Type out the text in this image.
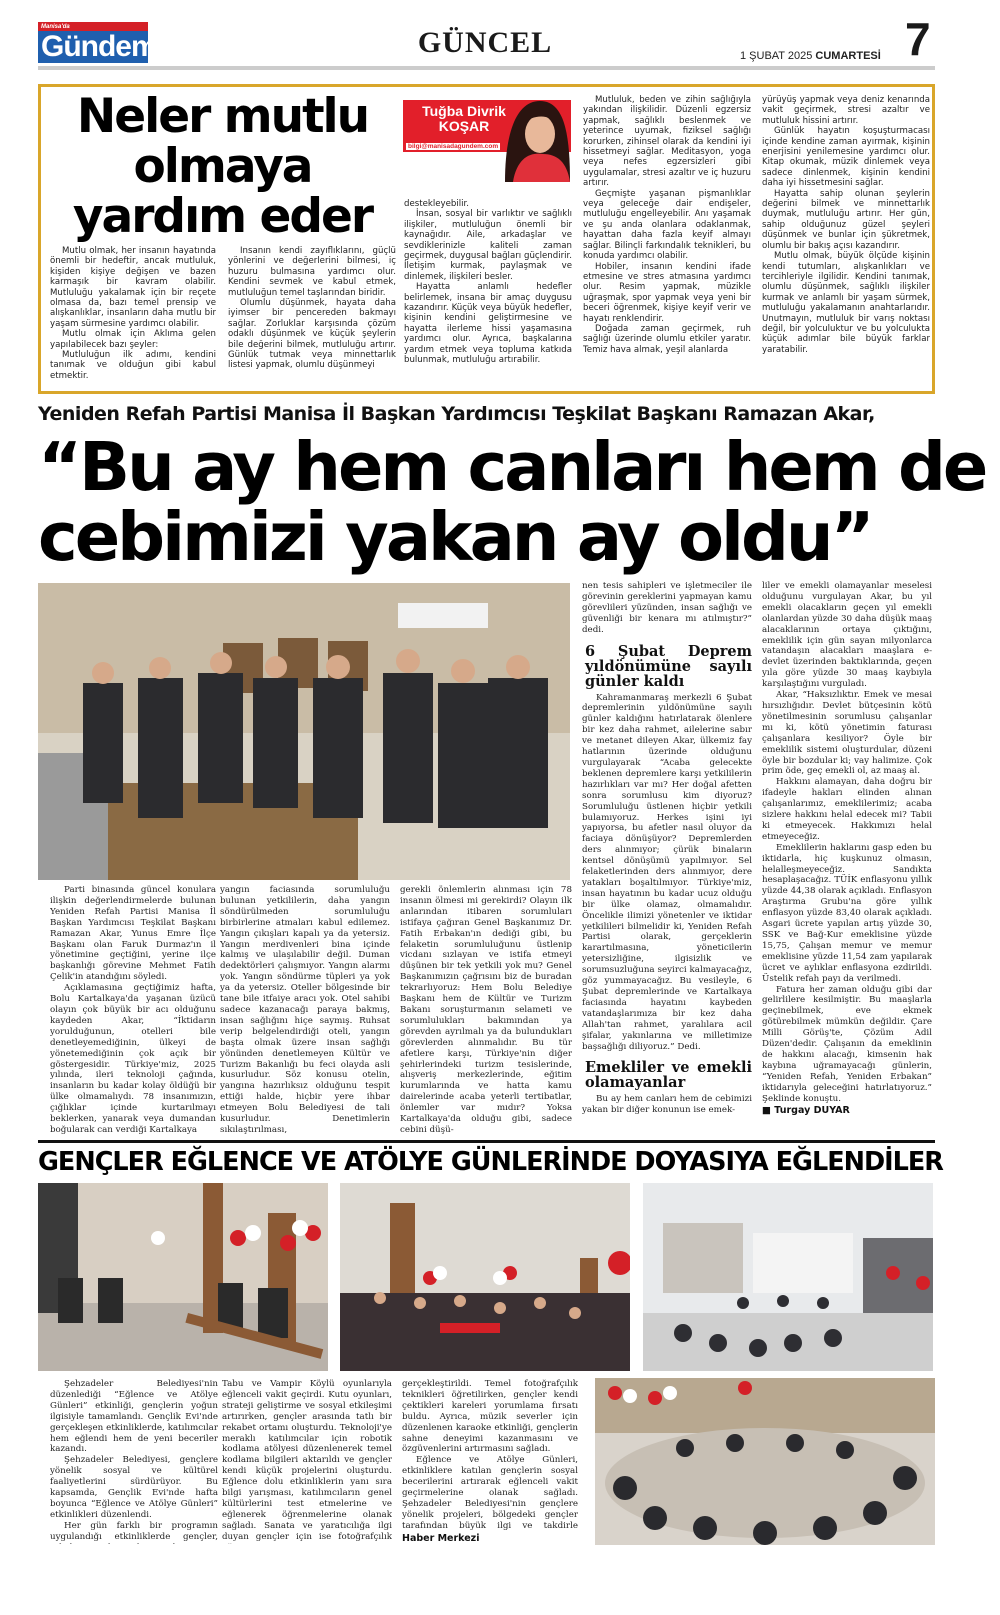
Manisa'da
Gündem	GÜNCEL	1 ŞUBAT 2025 CUMARTESİ 7
Neler mutlu olmaya yardım eder
Tuğba Divrik KOŞAR
bilgi@manisadagundem.com

Mutlu olmak, her insanın hayatında önemli bir hedeftir, ancak mutluluk, kişiden kişiye değişen ve bazen karmaşık bir kavram olabilir. Mutluluğu yakalamak için bir reçete olmasa da, bazı temel prensip ve alışkanlıklar, insanların daha mutlu bir yaşam sürmesine yardımcı olabilir.

Mutlu olmak için Aklıma gelen yapılabilecek bazı şeyler:

Mutluluğun ilk adımı, kendini tanımak ve olduğun gibi kabul etmektir.

İnsanın kendi zayıflıklarını, güçlü yönlerini ve değerlerini bilmesi, iç huzuru bulmasına yardımcı olur. Kendini sevmek ve kabul etmek, mutluluğun temel taşlarından biridir.

Olumlu düşünmek, hayata daha iyimser bir pencereden bakmayı sağlar. Zorluklar karşısında çözüm odaklı düşünmek ve küçük şeylerin bile değerini bilmek, mutluluğu artırır. Günlük tutmak veya minnettarlık listesi yapmak, olumlu düşünmeyi

destekleyebilir.

İnsan, sosyal bir varlıktır ve sağlıklı ilişkiler, mutluluğun önemli bir kaynağıdır. Aile, arkadaşlar ve sevdiklerinizle kaliteli zaman geçirmek, duygusal bağları güçlendirir. İletişim kurmak, paylaşmak ve dinlemek, ilişkileri besler.

Hayatta anlamlı hedefler belirlemek, insana bir amaç duygusu kazandırır. Küçük veya büyük hedefler, kişinin kendini geliştirmesine ve hayatta ilerleme hissi yaşamasına yardımcı olur. Ayrıca, başkalarına yardım etmek veya topluma katkıda bulunmak, mutluluğu artırabilir.

Mutluluk, beden ve zihin sağlığıyla yakından ilişkilidir. Düzenli egzersiz yapmak, sağlıklı beslenmek ve yeterince uyumak, fiziksel sağlığı korurken, zihinsel olarak da kendini iyi hissetmeyi sağlar. Meditasyon, yoga veya nefes egzersizleri gibi uygulamalar, stresi azaltır ve iç huzuru artırır.

Geçmişte yaşanan pişmanlıklar veya geleceğe dair endişeler, mutluluğu engelleyebilir. Anı yaşamak ve şu anda olanlara odaklanmak, hayattan daha fazla keyif almayı sağlar. Bilinçli farkındalık teknikleri, bu konuda yardımcı olabilir.

Hobiler, insanın kendini ifade etmesine ve stres atmasına yardımcı olur. Resim yapmak, müzikle uğraşmak, spor yapmak veya yeni bir beceri öğrenmek, kişiye keyif verir ve hayatı renklendirir.

Doğada zaman geçirmek, ruh sağlığı üzerinde olumlu etkiler yaratır. Temiz hava almak, yeşil alanlarda

yürüyüş yapmak veya deniz kenarında vakit geçirmek, stresi azaltır ve mutluluk hissini artırır.

Günlük hayatın koşuşturmacası içinde kendine zaman ayırmak, kişinin enerjisini yenilemesine yardımcı olur. Kitap okumak, müzik dinlemek veya sadece dinlenmek, kişinin kendini daha iyi hissetmesini sağlar.

Hayatta sahip olunan şeylerin değerini bilmek ve minnettarlık duymak, mutluluğu artırır. Her gün, sahip olduğunuz güzel şeyleri düşünmek ve bunlar için şükretmek, olumlu bir bakış açısı kazandırır.

Mutlu olmak, büyük ölçüde kişinin kendi tutumları, alışkanlıkları ve tercihleriyle ilgilidir. Kendini tanımak, olumlu düşünmek, sağlıklı ilişkiler kurmak ve anlamlı bir yaşam sürmek, mutluluğu yakalamanın anahtarlarıdır. Unutmayın, mutluluk bir varış noktası değil, bir yolculuktur ve bu yolculukta küçük adımlar bile büyük farklar yaratabilir.

Yeniden Refah Partisi Manisa İl Başkan Yardımcısı Teşkilat Başkanı Ramazan Akar,
“Bu ay hem canları hem de
cebimizi yakan ay oldu”

Parti binasında güncel konulara ilişkin değerlendirmelerde bulunan Yeniden Refah Partisi Manisa İl Başkan Yardımcısı Teşkilat Başkanı Ramazan Akar, Yunus Emre İlçe Başkanı olan Faruk Durmaz'ın il yönetimine geçtiğini, yerine ilçe başkanlığı görevine Mehmet Fatih Çelik'in atandığını söyledi.

Açıklamasına geçtiğimiz hafta, Bolu Kartalkaya'da yaşanan üzücü olayın çok büyük bir acı olduğunu kaydeden Akar, “İktidarın yorulduğunun, otelleri bile denetleyemediğinin, ülkeyi de yönetemediğinin çok açık bir göstergesidir. Türkiye'miz, 2025 yılında, ileri teknoloji çağında, insanların bu kadar kolay öldüğü bir ülke olmamalıydı. 78 insanımızın, çığlıklar içinde kurtarılmayı beklerken, yanarak veya dumandan boğularak can verdiği Kartalkaya

yangın faciasında sorumluluğu bulunan yetkililerin, daha yangın söndürülmeden sorumluluğu birbirlerine atmaları kabul edilemez. Yangın çıkışları kapalı ya da yetersiz. Yangın merdivenleri bina içinde kalmış ve ulaşılabilir değil. Duman dedektörleri çalışmıyor. Yangın alarmı yok. Yangın söndürme tüpleri ya yok ya da yetersiz. Oteller bölgesinde bir tane bile itfaiye aracı yok. Otel sahibi sadece kazanacağı paraya bakmış, insan sağlığını hiçe saymış. Ruhsat verip belgelendirdiği oteli, yangın başta olmak üzere insan sağlığı yönünden denetlemeyen Kültür ve Turizm Bakanlığı bu feci olayda asli kusurludur. Söz konusu otelin, yangına hazırlıksız olduğunu tespit ettiği halde, hiçbir yere ihbar etmeyen Bolu Belediyesi de tali kusurludur. Denetimlerin sıkılaştırılması,

gerekli önlemlerin alınması için 78 insanın ölmesi mi gerekirdi? Olayın ilk anlarından itibaren sorumluları istifaya çağıran Genel Başkanımız Dr. Fatih Erbakan'ın dediği gibi, bu felaketin sorumluluğunu üstlenip vicdanı sızlayan ve istifa etmeyi düşünen bir tek yetkili yok mu? Genel Başkanımızın çağrısını biz de buradan tekrarlıyoruz: Hem Bolu Belediye Başkanı hem de Kültür ve Turizm Bakanı soruşturmanın selameti ve sorumlulukları bakımından ya görevden ayrılmalı ya da bulundukları görevlerden alınmalıdır. Bu tür afetlere karşı, Türkiye'nin diğer şehirlerindeki turizm tesislerinde, alışveriş merkezlerinde, eğitim kurumlarında ve hatta kamu dairelerinde acaba yeterli tertibatlar, önlemler var mıdır? Yoksa Kartalkaya'da olduğu gibi, sadece cebini düşü-

nen tesis sahipleri ve işletmeciler ile görevinin gereklerini yapmayan kamu görevlileri yüzünden, insan sağlığı ve güvenliği bir kenara mı atılmıştır?” dedi.

6 Şubat Deprem yıldönümüne sayılı günler kaldı

Kahramanmaraş merkezli 6 Şubat depremlerinin yıldönümüne sayılı günler kaldığını hatırlatarak ölenlere bir kez daha rahmet, ailelerine sabır ve metanet dileyen Akar, ülkemiz fay hatlarının üzerinde olduğunu vurgulayarak “Acaba gelecekte beklenen depremlere karşı yetkililerin hazırlıkları var mı? Her doğal afetten sonra sorumlusu kim diyoruz? Sorumluluğu üstlenen hiçbir yetkili bulamıyoruz. Herkes işini iyi yapıyorsa, bu afetler nasıl oluyor da faciaya dönüşüyor? Depremlerden ders alınmıyor; çürük binaların kentsel dönüşümü yapılmıyor. Sel felaketlerinden ders alınmıyor, dere yatakları boşaltılmıyor. Türkiye'miz, insan hayatının bu kadar ucuz olduğu bir ülke olamaz, olmamalıdır. Öncelikle ilimizi yönetenler ve iktidar yetkilileri bilmelidir ki, Yeniden Refah Partisi olarak, gerçeklerin karartılmasına, yöneticilerin yetersizliğine, ilgisizlik ve sorumsuzluğuna seyirci kalmayacağız, göz yummayacağız. Bu vesileyle, 6 Şubat depremlerinde ve Kartalkaya faciasında hayatını kaybeden vatandaşlarımıza bir kez daha Allah'tan rahmet, yaralılara acil şifalar, yakınlarına ve milletimize başsağlığı diliyoruz.” Dedi.

Emekliler ve emekli olamayanlar

Bu ay hem canları hem de cebimizi yakan bir diğer konunun ise emek-

liler ve emekli olamayanlar meselesi olduğunu vurgulayan Akar, bu yıl emekli olacakların geçen yıl emekli olanlardan yüzde 30 daha düşük maaş alacaklarının ortaya çıktığını, emeklilik için gün sayan milyonlarca vatandaşın alacakları maaşlara e-devlet üzerinden baktıklarında, geçen yıla göre yüzde 30 maaş kaybıyla karşılaştığını vurguladı.

Akar, “Haksızlıktır. Emek ve mesai hırsızlığıdır. Devlet bütçesinin kötü yönetilmesinin sorumlusu çalışanlar mı ki, kötü yönetimin faturası çalışanlara kesiliyor? Öyle bir emeklilik sistemi oluşturdular, düzeni öyle bir bozdular ki; vay halimize. Çok prim öde, geç emekli ol, az maaş al.

Hakkını alamayan, daha doğru bir ifadeyle hakları elinden alınan çalışanlarımız, emeklilerimiz; acaba sizlere hakkını helal edecek mi? Tabii ki etmeyecek. Hakkımızı helal etmeyeceğiz.

Emeklilerin haklarını gasp eden bu iktidarla, hiç kuşkunuz olmasın, helalleşmeyeceğiz. Sandıkta hesaplaşacağız. TÜİK enflasyonu yıllık yüzde 44,38 olarak açıkladı. Enflasyon Araştırma Grubu'na göre yıllık enflasyon yüzde 83,40 olarak açıkladı. Asgari ücrete yapılan artış yüzde 30, SSK ve Bağ-Kur emeklisine yüzde 15,75, Çalışan memur ve memur emeklisine yüzde 11,54 zam yapılarak ücret ve aylıklar enflasyona ezdirildi. Üstelik refah payı da verilmedi.

Fatura her zaman olduğu gibi dar gelirlilere kesilmiştir. Bu maaşlarla geçinebilmek, eve ekmek götürebilmek mümkün değildir. Çare Milli Görüş'te, Çözüm Adil Düzen'dedir. Çalışanın da emeklinin de hakkını alacağı, kimsenin hak kaybına uğramayacağı günlerin, “Yeniden Refah, Yeniden Erbakan” iktidarıyla geleceğini hatırlatıyoruz.” Şeklinde konuştu.

■ Turgay DUYAR
GENÇLER EĞLENCE VE ATÖLYE GÜNLERİNDE DOYASIYA EĞLENDİLER

Şehzadeler Belediyesi'nin düzenlediği “Eğlence ve Atölye Günleri” etkinliği, gençlerin yoğun ilgisiyle tamamlandı. Gençlik Evi'nde gerçekleşen etkinliklerde, katılımcılar hem eğlendi hem de yeni beceriler kazandı.

Şehzadeler Belediyesi, gençlere yönelik sosyal ve kültürel faaliyetlerini sürdürüyor. Bu kapsamda, Gençlik Evi'nde hafta boyunca “Eğlence ve Atölye Günleri” etkinlikleri düzenlendi.

Her gün farklı bir programın uygulandığı etkinliklerde gençler,

Tabu ve Vampir Köylü oyunlarıyla eğlenceli vakit geçirdi. Kutu oyunları, strateji geliştirme ve sosyal etkileşimi artırırken, gençler arasında tatlı bir rekabet ortamı oluşturdu. Teknoloji'ye meraklı katılımcılar için robotik kodlama atölyesi düzenlenerek temel kodlama bilgileri aktarıldı ve gençler kendi küçük projelerini oluşturdu. Eğlence dolu etkinliklerin yanı sıra bilgi yarışması, katılımcıların genel kültürlerini test etmelerine ve eğlenerek öğrenmelerine olanak sağladı. Sanata ve yaratıcılığa ilgi duyan gençler için ise fotoğrafçılık

gerçekleştirildi. Temel fotoğrafçılık teknikleri öğretilirken, gençler kendi çektikleri kareleri yorumlama fırsatı buldu. Ayrıca, müzik severler için düzenlenen karaoke etkinliği, gençlerin sahne deneyimi kazanmasını ve özgüvenlerini artırmasını sağladı.

Eğlence ve Atölye Günleri, etkinliklere katılan gençlerin sosyal becerilerini artırarak eğlenceli vakit geçirmelerine olanak sağladı. Şehzadeler Belediyesi'nin gençlere yönelik projeleri, bölgedeki gençler tarafından büyük ilgi ve takdirle

Haber Merkezi
